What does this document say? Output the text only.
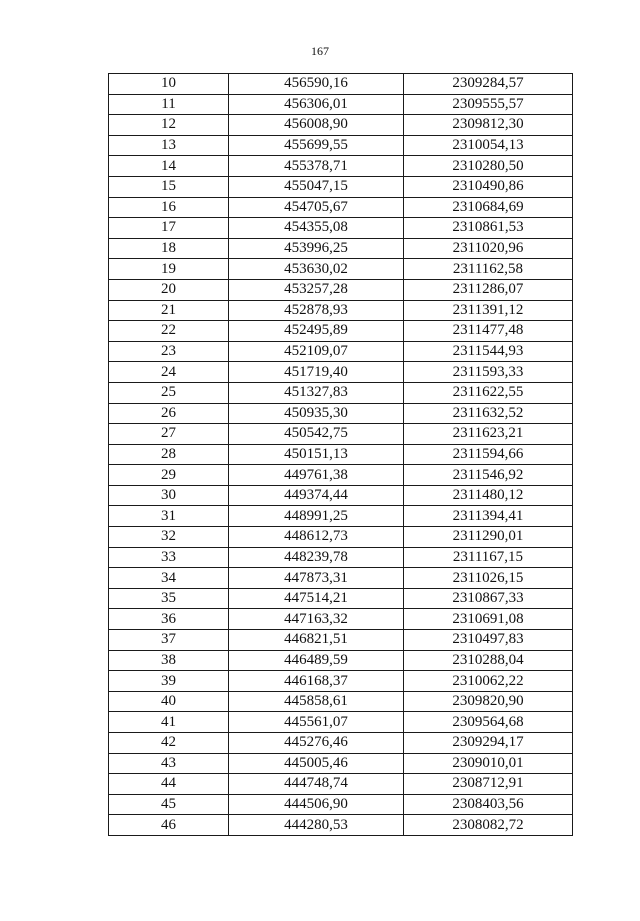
167
10	456590,16	2309284,57
11	456306,01	2309555,57
12	456008,90	2309812,30
13	455699,55	2310054,13
14	455378,71	2310280,50
15	455047,15	2310490,86
16	454705,67	2310684,69
17	454355,08	2310861,53
18	453996,25	2311020,96
19	453630,02	2311162,58
20	453257,28	2311286,07
21	452878,93	2311391,12
22	452495,89	2311477,48
23	452109,07	2311544,93
24	451719,40	2311593,33
25	451327,83	2311622,55
26	450935,30	2311632,52
27	450542,75	2311623,21
28	450151,13	2311594,66
29	449761,38	2311546,92
30	449374,44	2311480,12
31	448991,25	2311394,41
32	448612,73	2311290,01
33	448239,78	2311167,15
34	447873,31	2311026,15
35	447514,21	2310867,33
36	447163,32	2310691,08
37	446821,51	2310497,83
38	446489,59	2310288,04
39	446168,37	2310062,22
40	445858,61	2309820,90
41	445561,07	2309564,68
42	445276,46	2309294,17
43	445005,46	2309010,01
44	444748,74	2308712,91
45	444506,90	2308403,56
46	444280,53	2308082,72
